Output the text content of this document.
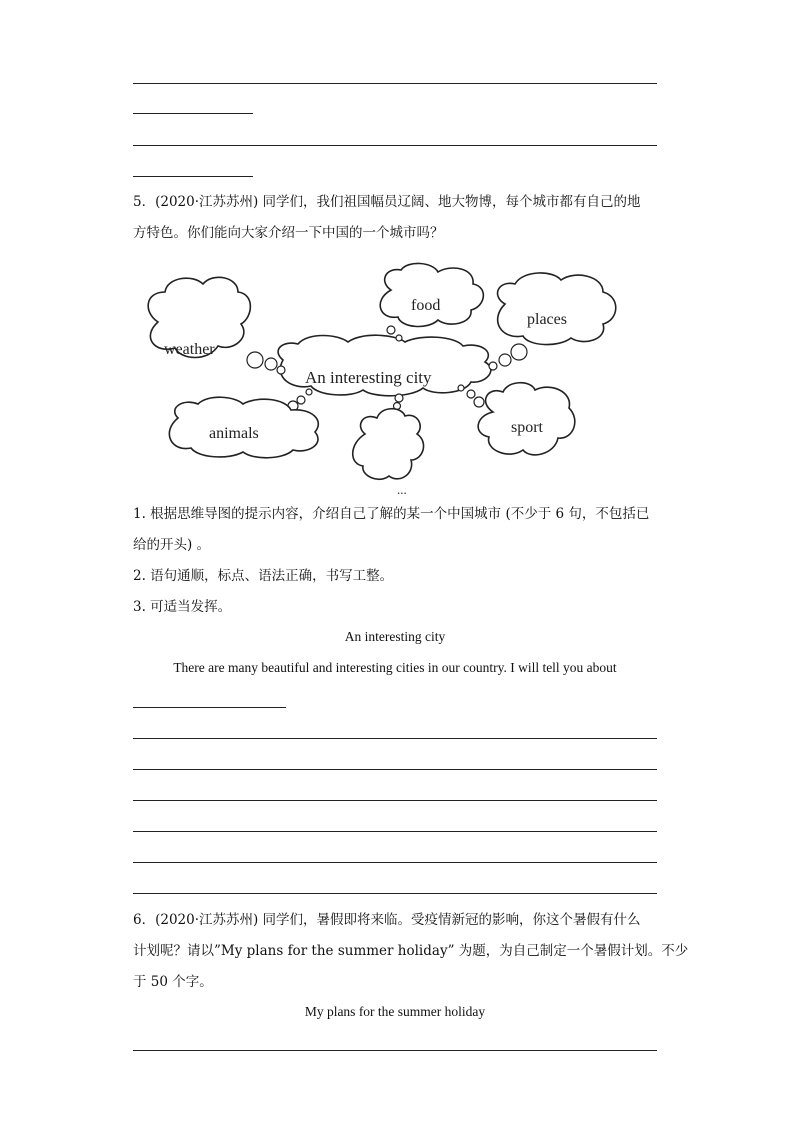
5．(2020·江苏苏州) 同学们，我们祖国幅员辽阔、地大物博，每个城市都有自己的地
方特色。你们能向大家介绍一下中国的一个城市吗？
weather
food
places
An interesting city
sport
animals
...
1. 根据思维导图的提示内容，介绍自己了解的某一个中国城市 (不少于 6 句，不包括已
给的开头) 。
2. 语句通顺，标点、语法正确，书写工整。
3. 可适当发挥。
An interesting city
There are many beautiful and interesting cities in our country. I will tell you about
6．(2020·江苏苏州) 同学们，暑假即将来临。受疫情新冠的影响，你这个暑假有什么
计划呢？请以”My plans for the summer holiday” 为题，为自己制定一个暑假计划。不少
于 50 个字。
My plans for the summer holiday
